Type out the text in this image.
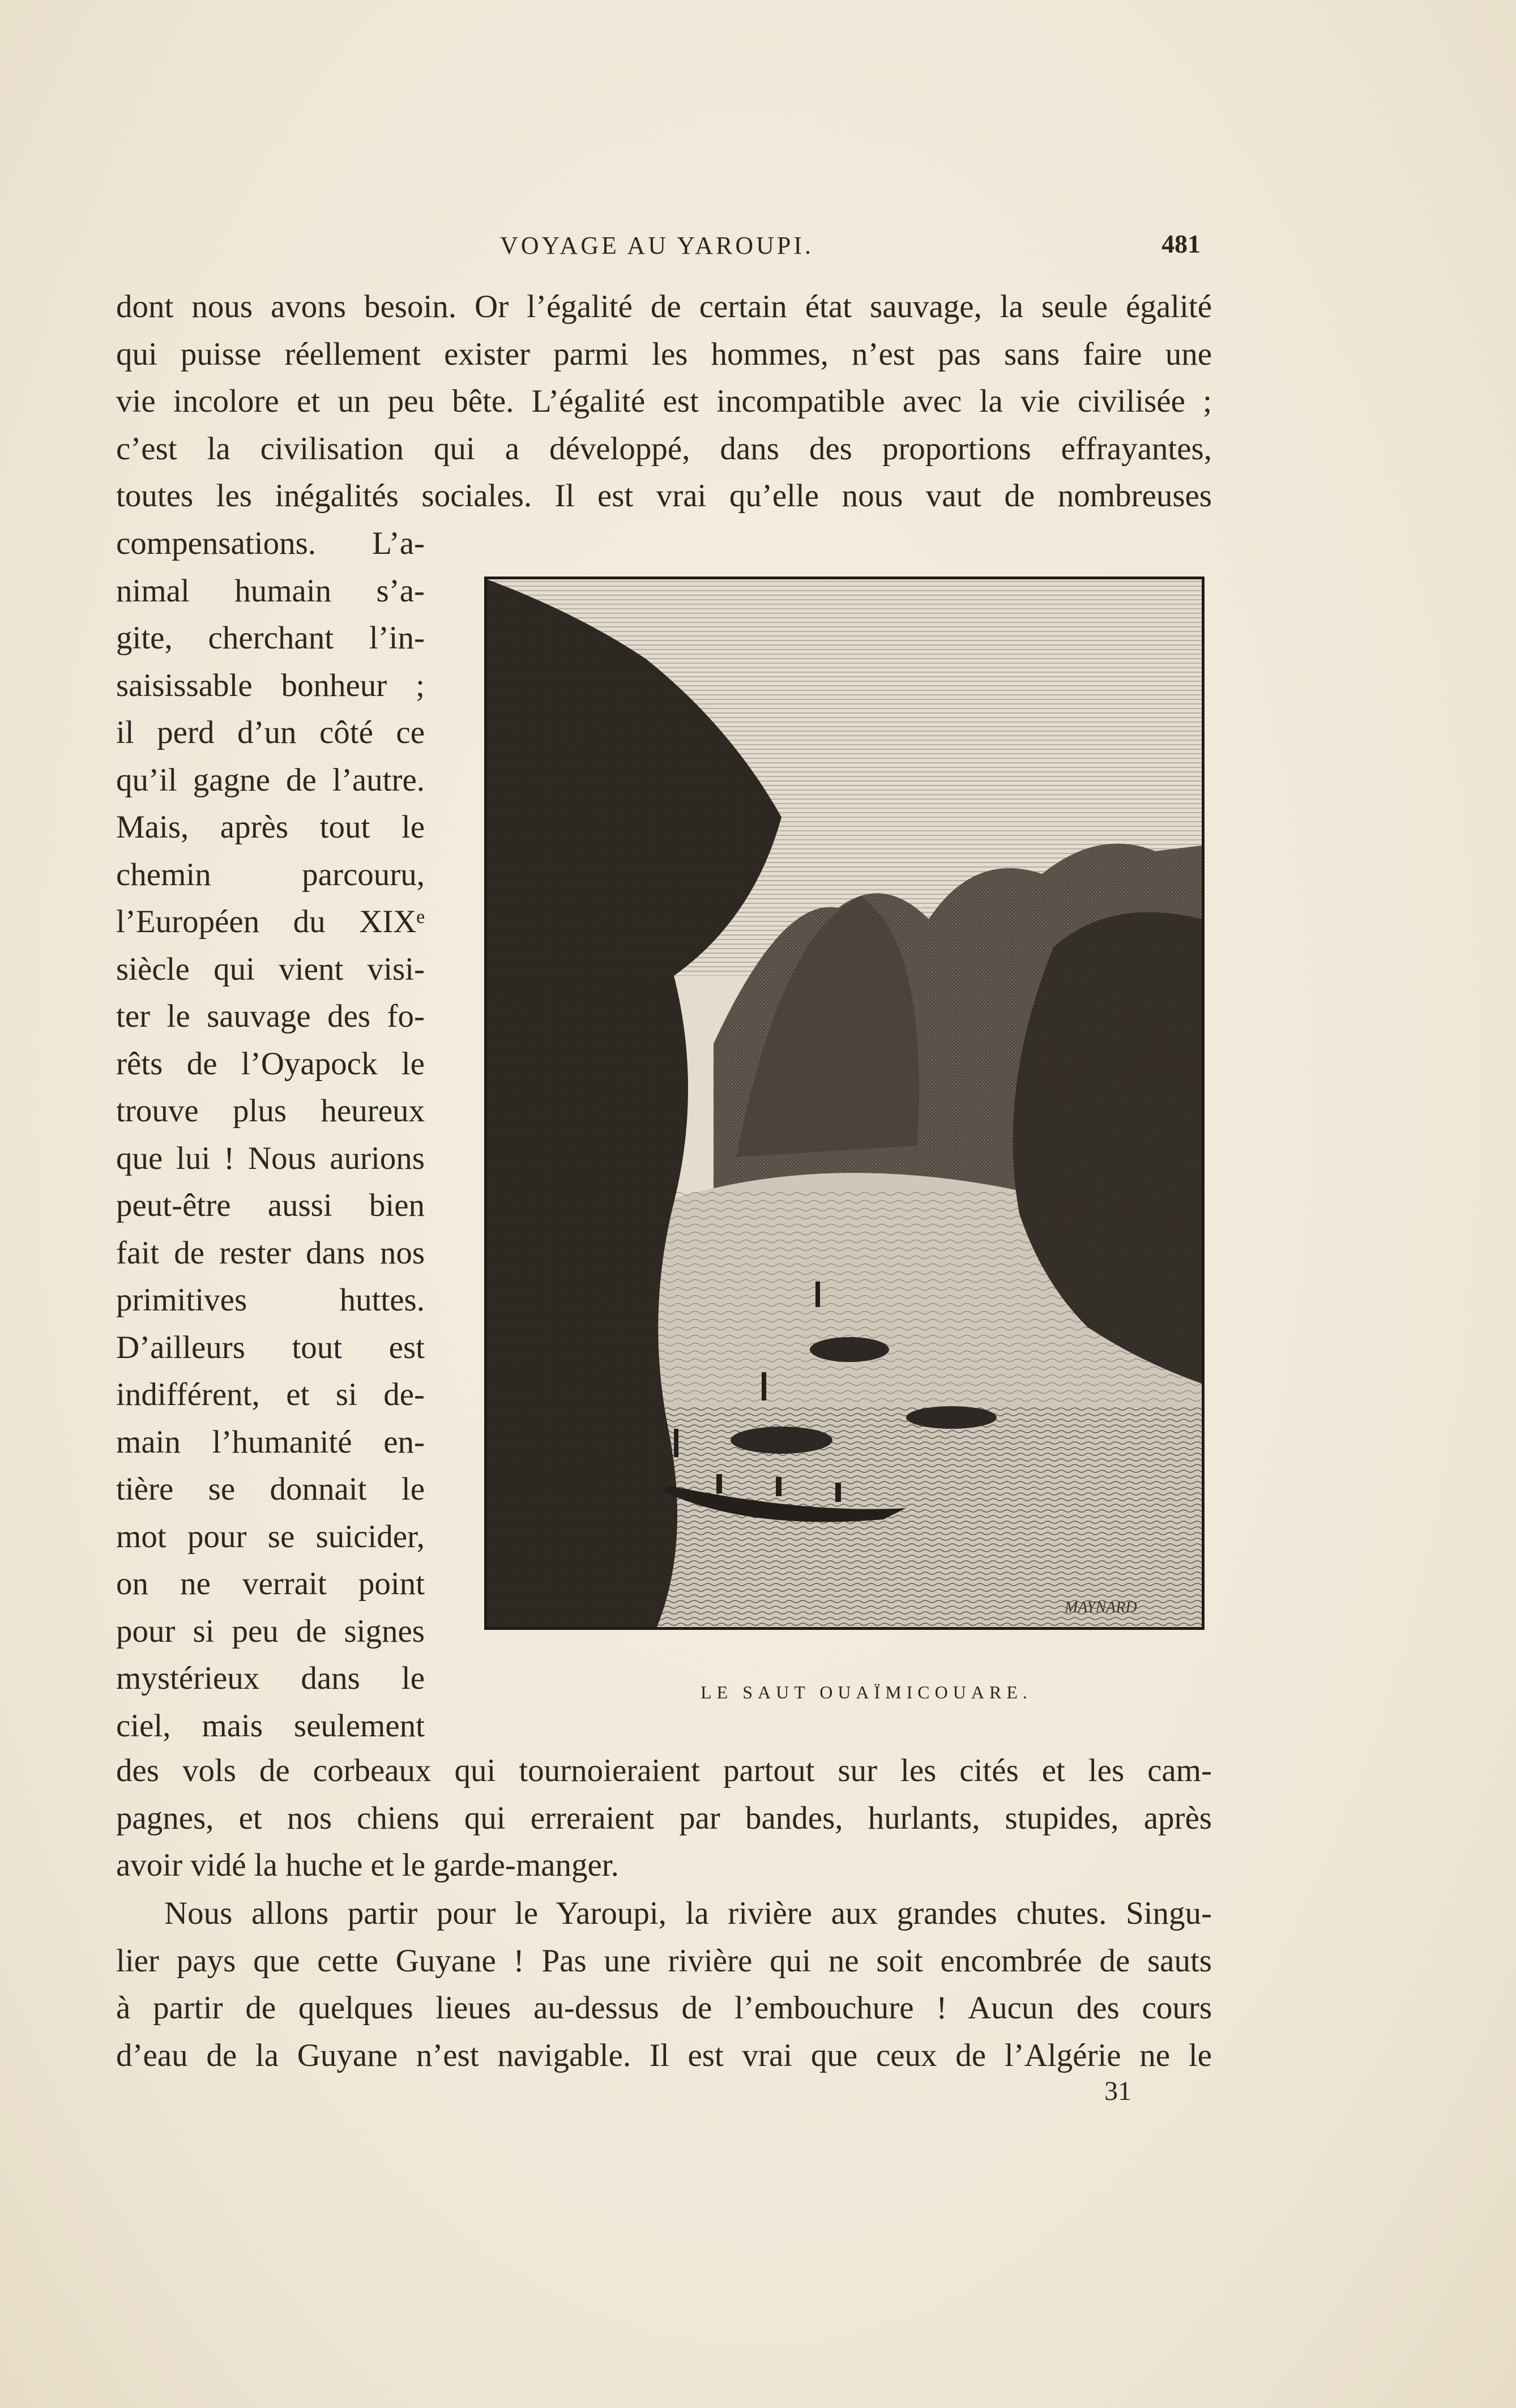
VOYAGE AU YAROUPI.	481
dont nous avons besoin. Or l’égalité de certain état sauvage, la seule égalité
qui puisse réellement exister parmi les hommes, n’est pas sans faire une
vie incolore et un peu bête. L’égalité est incompatible avec la vie civilisée ;
c’est la civilisation qui a développé, dans des proportions effrayantes,
toutes les inégalités sociales. Il est vrai qu’elle nous vaut de nombreuses
compensations. L’a-
nimal humain s’a-
gite, cherchant l’in-
saisissable bonheur ;
il perd d’un côté ce
qu’il gagne de l’autre.
Mais, après tout le
chemin parcouru,
l’Européen du XIXᵉ
siècle qui vient visi-
ter le sauvage des fo-
rêts de l’Oyapock le
trouve plus heureux
que lui ! Nous aurions
peut-être aussi bien
fait de rester dans nos
primitives huttes.
D’ailleurs tout est
indifférent, et si de-
main l’humanité en-
tière se donnait le
mot pour se suicider,
on ne verrait point
pour si peu de signes
mystérieux dans le
ciel, mais seulement
MAYNARD
LE SAUT OUAÏMICOUARE.
des vols de corbeaux qui tournoieraient partout sur les cités et les cam-
pagnes, et nos chiens qui erreraient par bandes, hurlants, stupides, après
avoir vidé la huche et le garde-manger.
Nous allons partir pour le Yaroupi, la rivière aux grandes chutes. Singu-
lier pays que cette Guyane ! Pas une rivière qui ne soit encombrée de sauts
à partir de quelques lieues au-dessus de l’embouchure ! Aucun des cours
d’eau de la Guyane n’est navigable. Il est vrai que ceux de l’Algérie ne le
31
